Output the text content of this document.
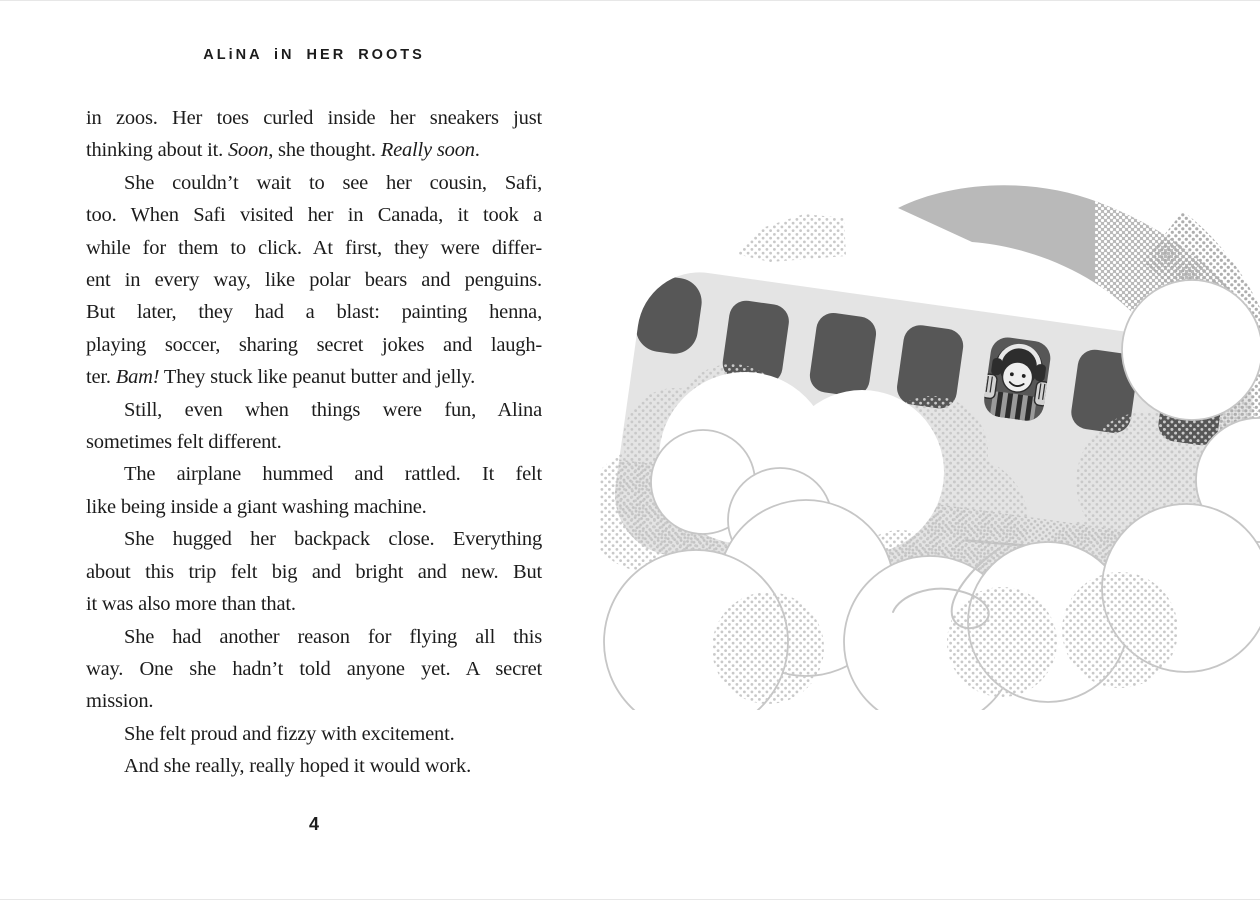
ALiNA iN HER ROOTS
in zoos. Her toes curled inside her sneakers just
thinking about it. Soon, she thought. Really soon.
She couldn’t wait to see her cousin, Safi,
too. When Safi visited her in Canada, it took a
while for them to click. At first, they were differ-
ent in every way, like polar bears and penguins.
But later, they had a blast: painting henna,
playing soccer, sharing secret jokes and laugh-
ter. Bam! They stuck like peanut butter and jelly.
Still, even when things were fun, Alina
sometimes felt different.
The airplane hummed and rattled. It felt
like being inside a giant washing machine.
She hugged her backpack close. Everything
about this trip felt big and bright and new. But
it was also more than that.
She had another reason for flying all this
way. One she hadn’t told anyone yet. A secret
mission.
She felt proud and fizzy with excitement.
And she really, really hoped it would work.
4
